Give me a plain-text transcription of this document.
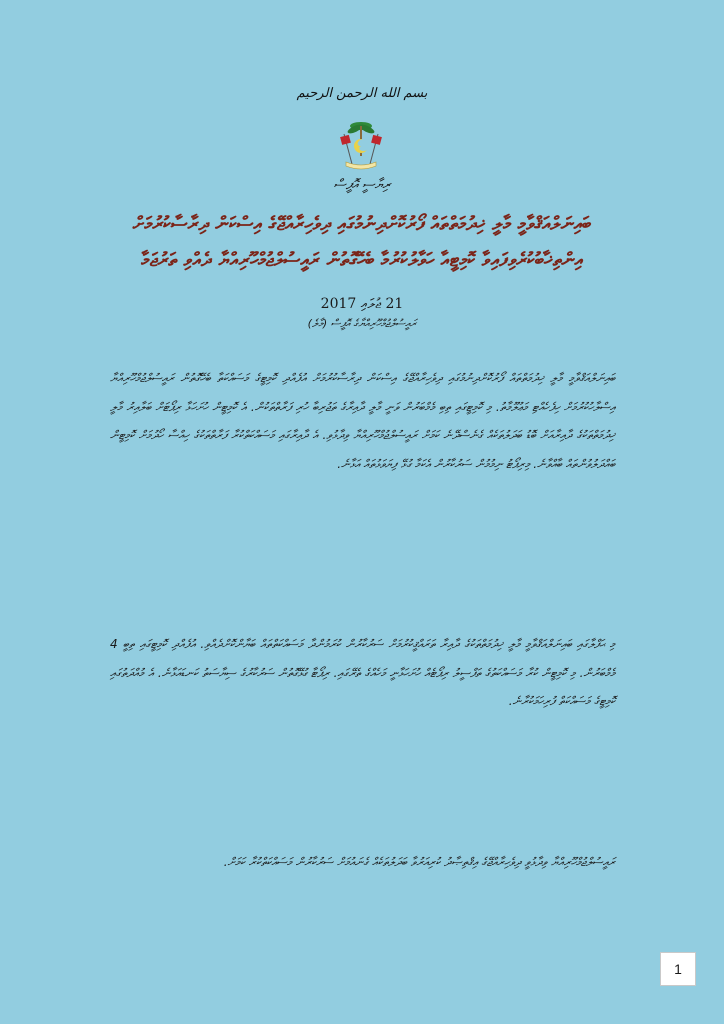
بسم الله الرحمن الرحيم
ރިޔާސީ އޮފީސް
ބައިނަލްއަޤްވާމީ މާލީ ޚިދުމަތްތައް ފޯރުކޮށްދިނުމުގައި ދިވެހިރާއްޖޭގެ އިސްކަން ދިރާސާކުރުމަށް އިންތިޚާބުކުރެވިފައިވާ ކޮމިޓީއާ ހަވާލުކުރުމާ ބެހޭގޮތުން ރައީސުލްޖުމްހޫރިއްޔާ ދެއްވި ތަރުޖަމާ
21 ޖުލައި 2017
ރައީސުލްޖުމްހޫރިއްޔާގެ އޮފީސް (މާލެ)

ބައިނަލްއަޤްވާމީ މާލީ ޚިދުމަތްތައް ފޯރުކޮށްދިނުމުގައި ދިވެހިރާއްޖޭގެ އިސްކަން ދިރާސާކުރުމަށް އުފެއްދި ކޮމިޓީގެ މަސައްކަތާ ބެހޭގޮތުން ރައީސުލްޖުމްހޫރިއްޔާ އިސްލާހުކުރުމަށް ހިފެހެއްޓި މަޢުލޫމާތު. މި ކޮމިޓީގައި ތިބި މެމްބަރުން ވަނީ މާލީ ދާއިރާގެ ތަޖުރިބާ ހުރި ފަރާތްތަކުން. އެ ކޮމިޓީން ހުށަހަޅާ ރިޕޯޓަށް ބަލާއިރު މާލީ ޚިދުމަތްތަކުގެ ދާއިރާއަށް ބޮޑު ބަދަލުތަކެއް ގެނެސްދޭނެ ކަމަށް ރައީސުލްޖުމްހޫރިއްޔާ ވިދާޅުވި. އެ ދާއިރާގައި މަސައްކަތްކުރާ ފަރާތްތަކުގެ ހިއްސާ ހޯދުމަށް ކޮމިޓީން ބައްދަލުވުންތައް ބާއްވާނެ. މިރިޕޯޓު ނިމުމުން ސަރުކާރުން އެކަމާ ގުޅޭ ފިޔަވަޅުތައް އަޅާނެ.

މި ޙަފްލާގައި ބައިނަލްއަޤްވާމީ މާލީ ޚިދުމަތްތަކުގެ ދާއިރާ ތަރައްޤީކުރުމަށް ސަރުކާރުން ކުރަމުންދާ މަސައްކަތްތައް ބަޔާންކޮށްދެއްވި. އުފެއްދި ކޮމިޓީގައި ތިބީ 4 މެމްބަރުން. މި ކޮމިޓީން ކުރާ މަސައްކަތުގެ ތަފްސީލު ރިޕޯޓެއް ހުށަހަޅާނީ މަހެއްގެ ތެރޭގައި. ރިޕޯޓާ ގުޅޭގޮތުން ސަރުކާރުގެ ސިޔާސަތު ކަނޑައަޅާނެ. އެ މުއްދަތުގައި ކޮމިޓީގެ މަސައްކަތް ފުރިހަމަކުރާނެ.

ރައީސުލްޖުމްހޫރިއްޔާ ވިދާޅުވީ ދިވެހިރާއްޖޭގެ އިޤްތިޞާދު ކުރިއަރުވާ ބަދަލުތަކެއް ގެނައުމަށް ސަރުކާރުން މަސައްކަތްކުރާ ކަމަށް.

1
